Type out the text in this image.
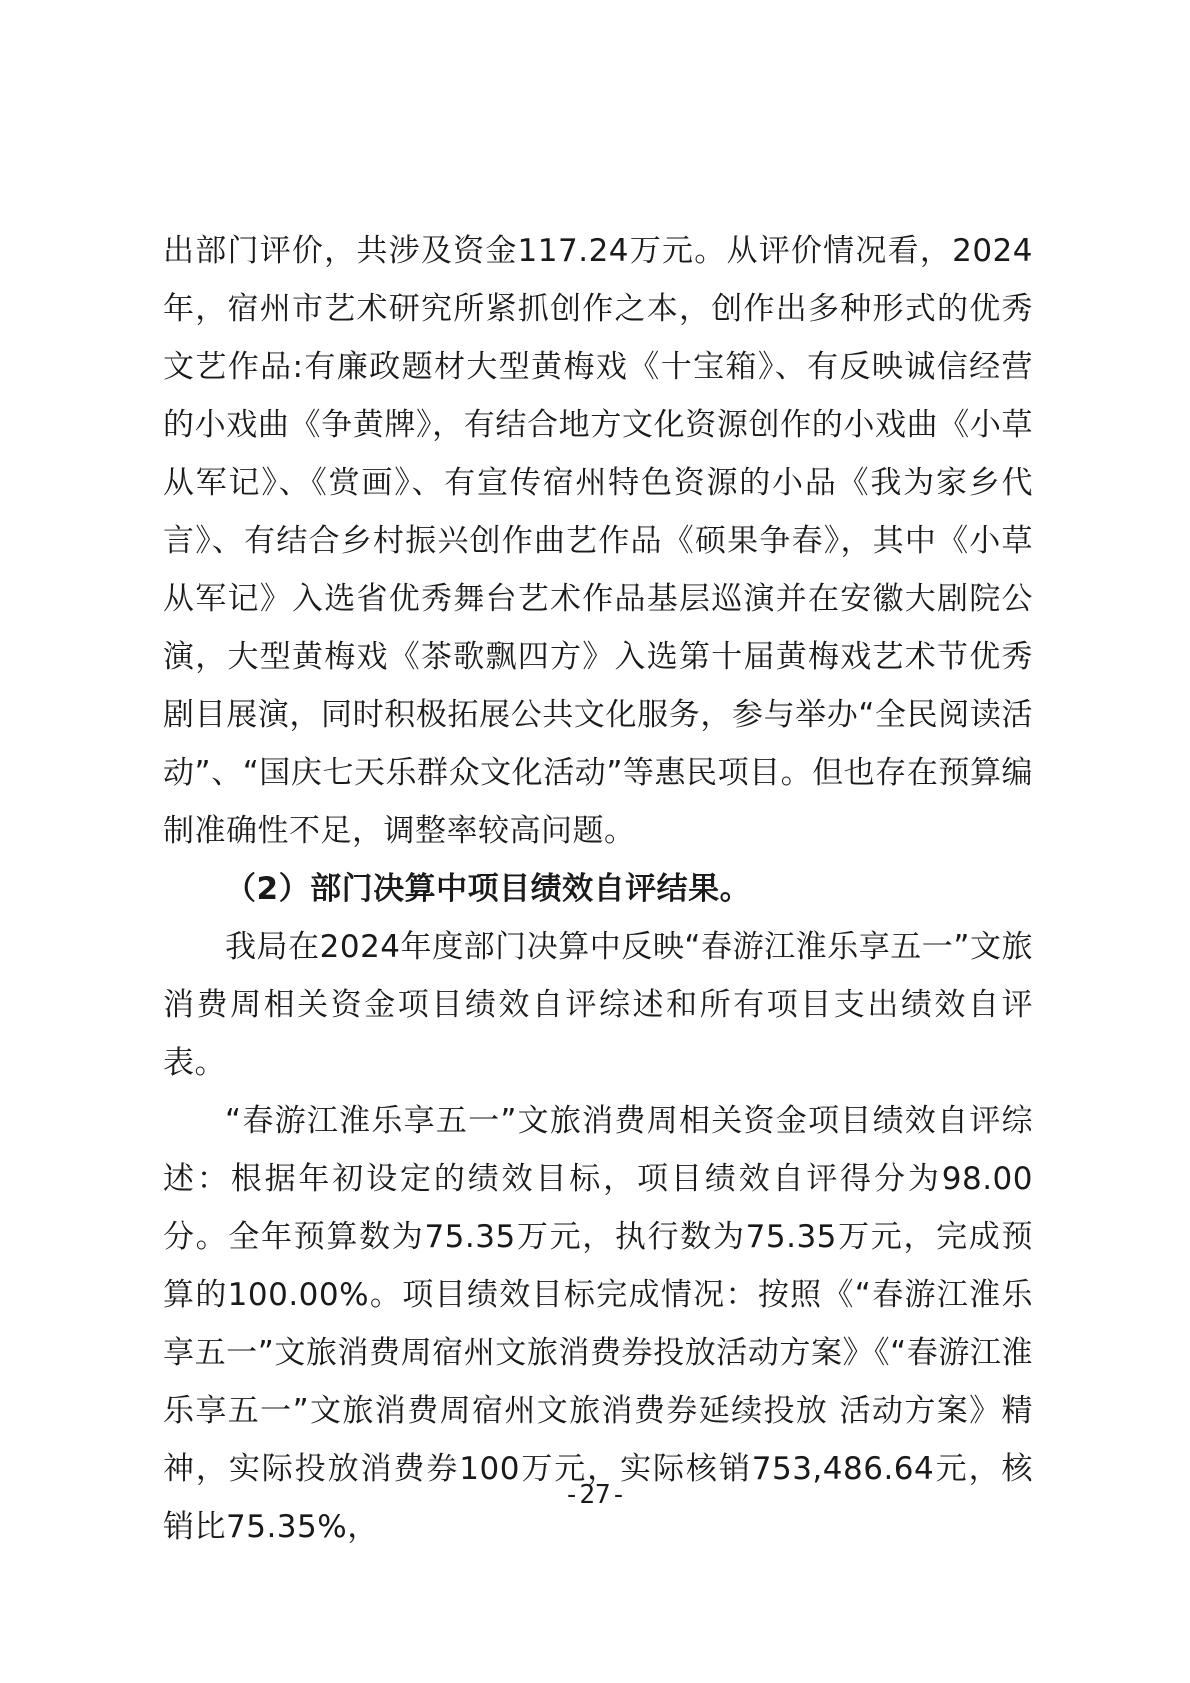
出部门评价，共涉及资金117.24万元。从评价情况看，2024年，宿州市艺术研究所紧抓创作之本，创作出多种形式的优秀文艺作品:有廉政题材大型黄梅戏《十宝箱》、有反映诚信经营的小戏曲《争黄牌》，有结合地方文化资源创作的小戏曲《小草从军记》、《赏画》、有宣传宿州特色资源的小品《我为家乡代言》、有结合乡村振兴创作曲艺作品《硕果争春》，其中《小草从军记》入选省优秀舞台艺术作品基层巡演并在安徽大剧院公演，大型黄梅戏《茶歌飘四方》入选第十届黄梅戏艺术节优秀剧目展演，同时积极拓展公共文化服务，参与举办“全民阅读活动”、“国庆七天乐群众文化活动”等惠民项目。但也存在预算编制准确性不足，调整率较高问题。

（2）部门决算中项目绩效自评结果。

我局在2024年度部门决算中反映“春游江淮乐享五一”文旅消费周相关资金项目绩效自评综述和所有项目支出绩效自评表。

“春游江淮乐享五一”文旅消费周相关资金项目绩效自评综述：根据年初设定的绩效目标，项目绩效自评得分为98.00分。全年预算数为75.35万元，执行数为75.35万元，完成预算的100.00%。项目绩效目标完成情况：按照《“春游江淮乐享五一”文旅消费周宿州文旅消费券投放活动方案》《“春游江淮乐享五一”文旅消费周宿州文旅消费券延续投放 活动方案》精神，实际投放消费券100万元，实际核销753,486.64元，核 销比75.35%，

-27-
